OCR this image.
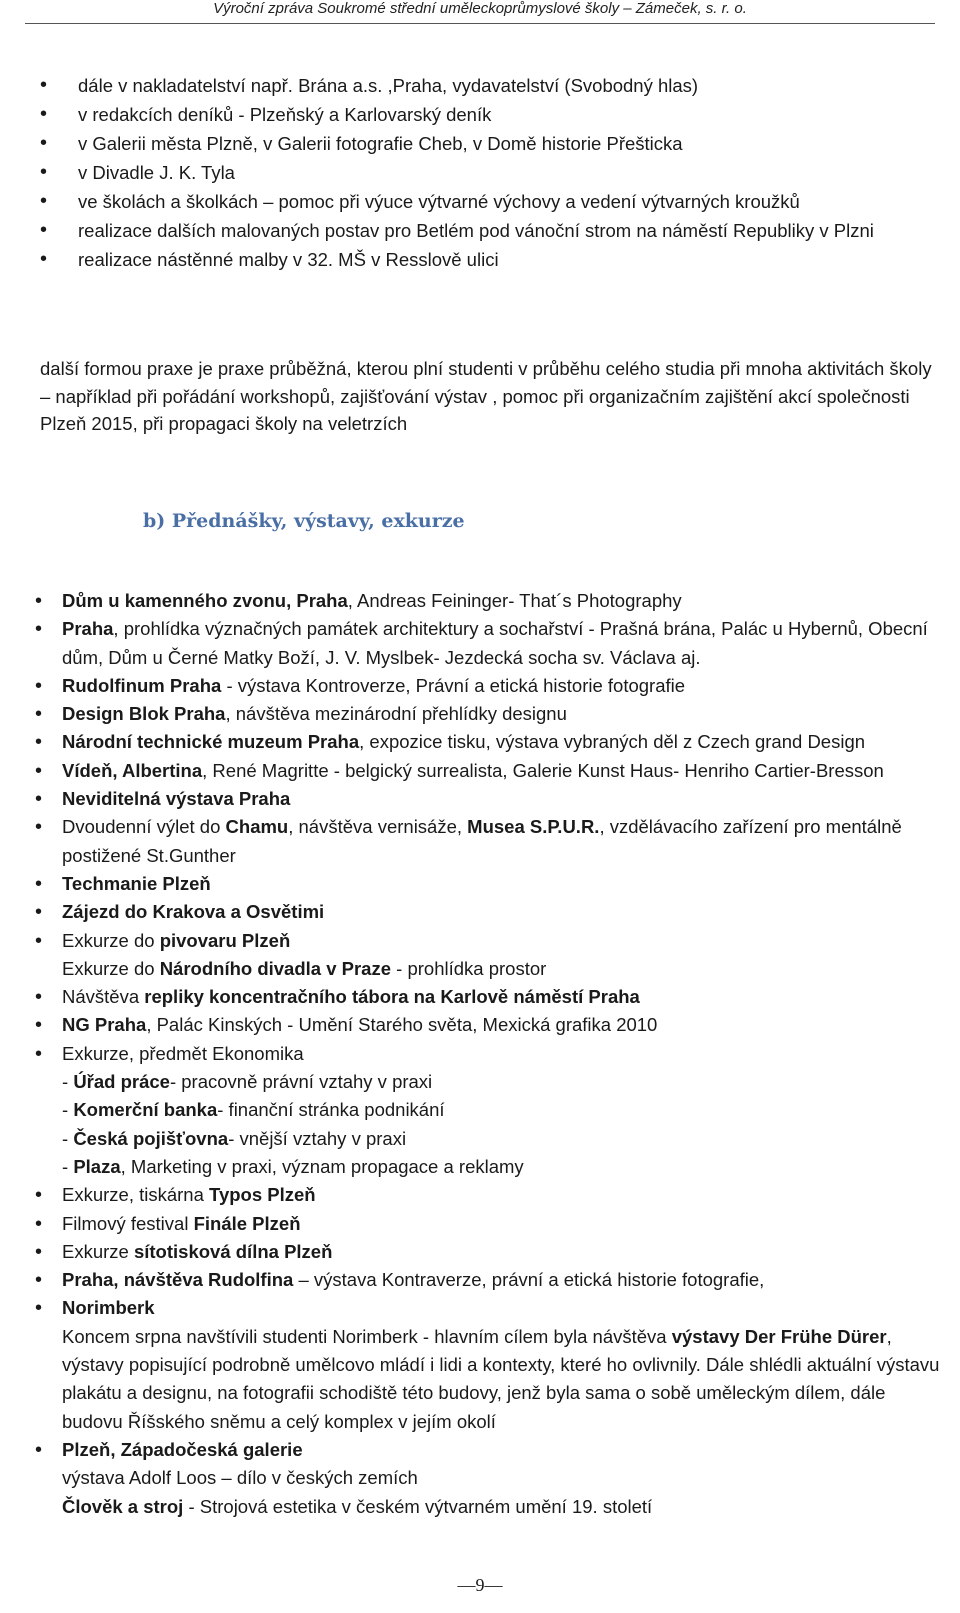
Výroční zpráva Soukromé střední uměleckoprůmyslové školy – Zámeček, s. r. o.
• dále v nakladatelství např. Brána a.s. ,Praha, vydavatelství (Svobodný hlas)
• v redakcích deníků - Plzeňský a Karlovarský deník
• v Galerii města Plzně, v Galerii fotografie Cheb, v Domě historie Přešticka
• v Divadle J. K. Tyla
• ve školách a školkách – pomoc při výuce výtvarné výchovy a vedení výtvarných kroužků
• realizace dalších malovaných postav pro Betlém pod vánoční strom na náměstí Republiky v Plzni
• realizace nástěnné malby v 32. MŠ v Resslově ulici

další formou praxe je praxe průběžná, kterou plní studenti v průběhu celého studia při mnoha aktivitách školy – například při pořádání workshopů, zajišťování výstav , pomoc při organizačním zajištění akcí společnosti Plzeň 2015, při propagaci školy na veletrzích

b) Přednášky, výstavy, exkurze
• Dům u kamenného zvonu, Praha, Andreas Feininger- That´s Photography
• Praha, prohlídka význačných památek architektury a sochařství - Prašná brána, Palác u Hybernů, Obecní dům, Dům u Černé Matky Boží, J. V. Myslbek- Jezdecká socha sv. Václava aj.
• Rudolfinum Praha - výstava Kontroverze, Právní a etická historie fotografie
• Design Blok Praha, návštěva mezinárodní přehlídky designu
• Národní technické muzeum Praha, expozice tisku, výstava vybraných děl z Czech grand Design
• Vídeň, Albertina, René Magritte - belgický surrealista, Galerie Kunst Haus- Henriho Cartier-Bresson
• Neviditelná výstava Praha
• Dvoudenní výlet do Chamu, návštěva vernisáže, Musea S.P.U.R., vzdělávacího zařízení pro mentálně postižené St.Gunther
• Techmanie Plzeň
• Zájezd do Krakova a Osvětimi
• Exkurze do pivovaru Plzeň
Exkurze do Národního divadla v Praze - prohlídka prostor
• Návštěva repliky koncentračního tábora na Karlově náměstí Praha
• NG Praha, Palác Kinských - Umění Starého světa, Mexická grafika 2010
• Exkurze, předmět Ekonomika
- Úřad práce- pracovně právní vztahy v praxi
- Komerční banka- finanční stránka podnikání
- Česká pojišťovna- vnější vztahy v praxi
- Plaza, Marketing v praxi, význam propagace a reklamy
• Exkurze, tiskárna Typos Plzeň
• Filmový festival Finále Plzeň
• Exkurze sítotisková dílna Plzeň
• Praha, návštěva Rudolfina – výstava Kontraverze, právní a etická historie fotografie,
• Norimberk
Koncem srpna navštívili studenti Norimberk - hlavním cílem byla návštěva výstavy Der Frühe Dürer, výstavy popisující podrobně umělcovo mládí i lidi a kontexty, které ho ovlivnily. Dále shlédli aktuální výstavu plakátu a designu, na fotografii schodiště této budovy, jenž byla sama o sobě uměleckým dílem, dále budovu Říšského sněmu a celý komplex v jejím okolí
• Plzeň, Západočeská galerie
výstava Adolf Loos – dílo v českých zemích
Člověk a stroj - Strojová estetika v českém výtvarném umění 19. století
—9—
